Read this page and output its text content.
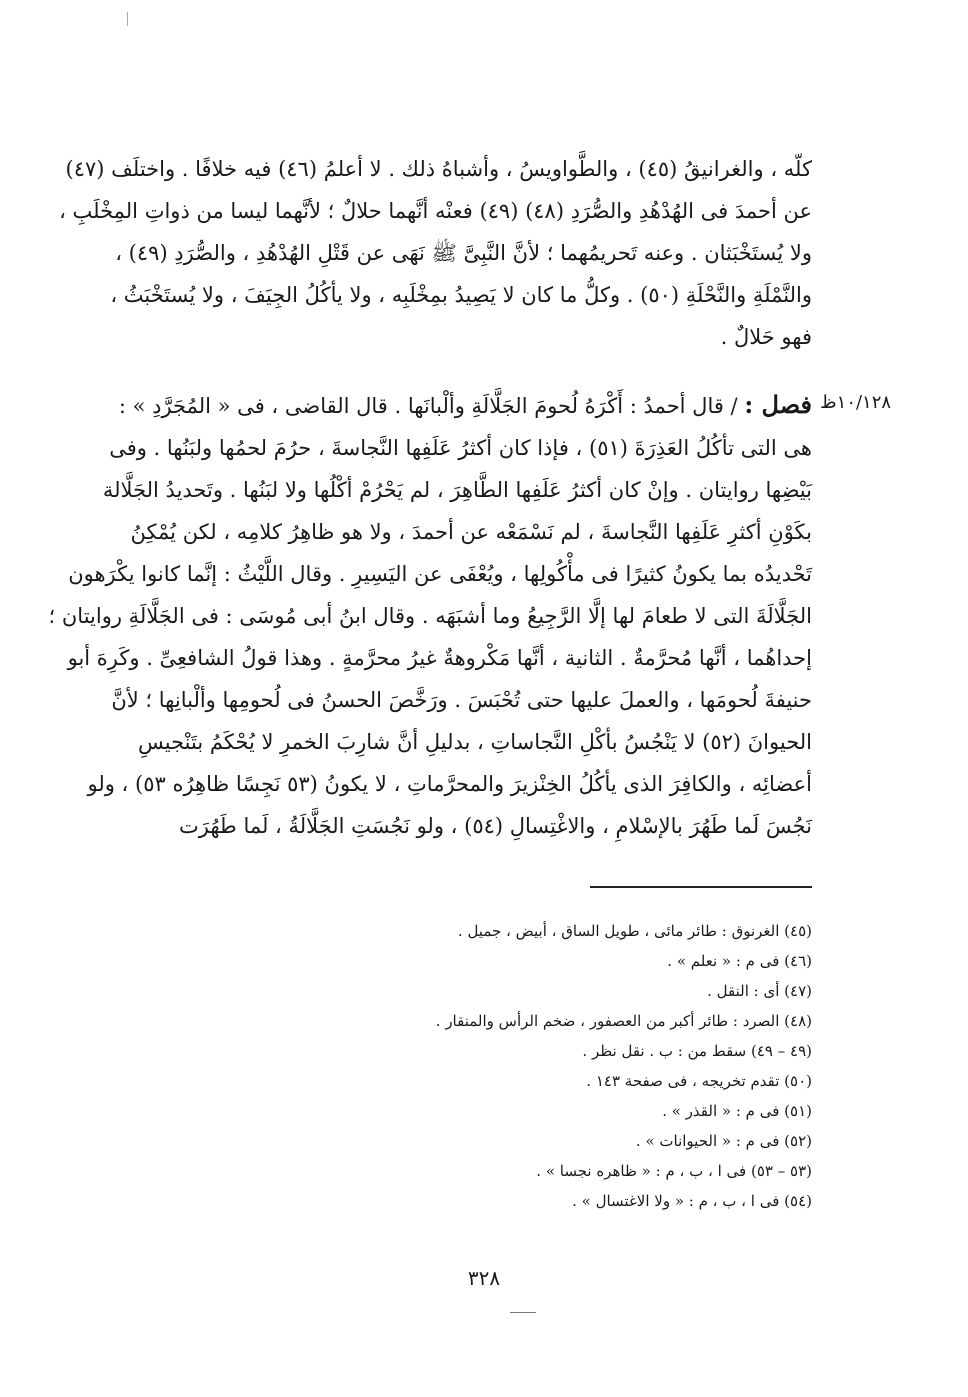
كلّه ، والغرانيقُ (٤٥) ، والطَّواويسُ ، وأشباهُ ذلك . لا أعلمُ (٤٦) فيه خلافًا . واختلَف (٤٧)
عن أحمدَ فى الهُدْهُدِ والصُّرَدِ (٤٨) (٤٩) فعنْه أنَّهما حلالٌ ؛ لأنَّهما ليسا من ذواتِ المِخْلَبِ ،
ولا يُستَخْبَثان . وعنه تَحريمُهما ؛ لأنَّ النَّبِىَّ ﷺ نَهَى عن قَتْلِ الهُدْهُدِ ، والصُّرَدِ (٤٩) ،
والنَّمْلَةِ والنَّحْلَةِ (٥٠) . وكلُّ ما كان لا يَصِيدُ بمِخْلَبِه ، ولا يأكُلُ الجِيَفَ ، ولا يُستَخْبَثُ ،
فهو حَلالٌ .
١٠/١٢٨ظ
فصل : / قال أحمدُ : أَكْرَهُ لُحومَ الجَلَّالَةِ وألْبانَها . قال القاضى ، فى « المُجَرَّدِ » :
هى التى تأكُلُ العَذِرَةَ (٥١) ، فإذا كان أكثرُ عَلَفِها النَّجاسةَ ، حرُمَ لحمُها ولبَنُها . وفى
بَيْضِها روايتان . وإنْ كان أكثرُ عَلَفِها الطَّاهِرَ ، لم يَحْرُمْ أكْلُها ولا لبَنُها . وتَحديدُ الجَلَّالة
بكَوْنِ أكثرِ عَلَفِها النَّجاسةَ ، لم نَسْمَعْه عن أحمدَ ، ولا هو ظاهِرُ كلامِه ، لكن يُمْكِنُ
تَحْديدُه بما يكونُ كثيرًا فى مأْكُولِها ، ويُعْفَى عن اليَسِيرِ . وقال اللَّيْثُ : إنَّما كانوا يكْرَهون
الجَلَّالَةَ التى لا طعامَ لها إلَّا الرَّجِيعُ وما أشبَهَه . وقال ابنُ أبى مُوسَى : فى الجَلَّالَةِ روايتان ؛
إحداهُما ، أنَّها مُحرَّمةٌ . الثانية ، أنَّها مَكْروهةٌ غيرُ محرَّمةٍ . وهذا قولُ الشافعِىِّ . وكَرِهَ أبو
حنيفةَ لُحومَها ، والعملَ عليها حتى تُحْبَسَ . ورَخَّصَ الحسنُ فى لُحومِها وألْبانِها ؛ لأنَّ
الحيوانَ (٥٢) لا يَنْجُسُ بأكْلِ النَّجاساتِ ، بدليلِ أنَّ شارِبَ الخمرِ لا يُحْكَمُ بتَنْجيسِ
أعضائِه ، والكافِرَ الذى يأكُلُ الخِنْزيرَ والمحرَّماتِ ، لا يكونُ (٥٣ نَجِسًا ظاهِرُه ٥٣) ، ولو
نَجُسَ لَما طَهُرَ بالإسْلامِ ، والاغْتِسالِ (٥٤) ، ولو نَجُسَتِ الجَلَّالَةُ ، لَما طَهُرَت
(٤٥) الغرنوق : طائر مائى ، طويل الساق ، أبيض ، جميل .
(٤٦) فى م : « نعلم » .
(٤٧) أى : النقل .
(٤٨) الصرد : طائر أكبر من العصفور ، ضخم الرأس والمنقار .
(٤٩ – ٤٩) سقط من : ب . نقل نظر .
(٥٠) تقدم تخريجه ، فى صفحة ١٤٣ .
(٥١) فى م : « القذر » .
(٥٢) فى م : « الحيوانات » .
(٥٣ – ٥٣) فى ا ، ب ، م : « ظاهره نجسا » .
(٥٤) فى ا ، ب ، م : « ولا الاغتسال » .
٣٢٨
